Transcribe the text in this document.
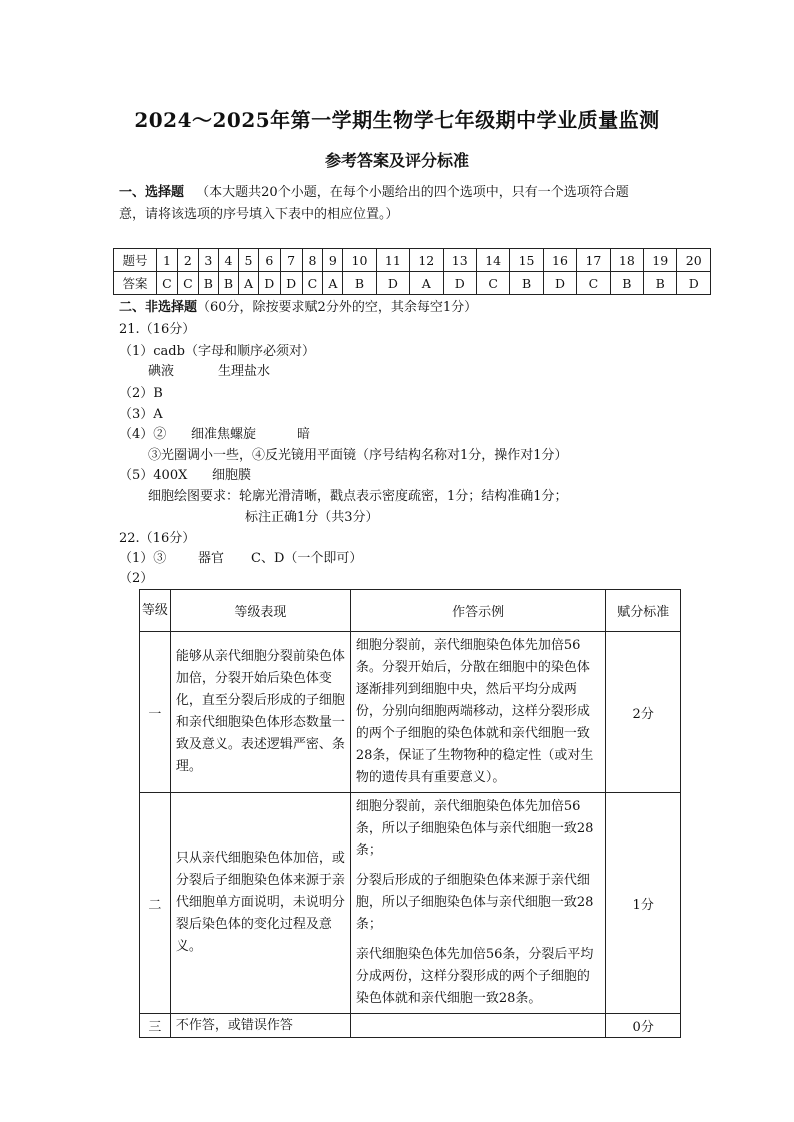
2024～2025年第一学期生物学七年级期中学业质量监测
参考答案及评分标准
一、选择题 （本大题共20个小题，在每个小题给出的四个选项中，只有一个选项符合题
意，请将该选项的序号填入下表中的相应位置。）
题号	1	2	3	4	5	6	7	8	9	10	11	12	13	14	15	16	17	18	19	20
答案	C	C	B	B	A	D	D	C	A	B	D	A	D	C	B	D	C	B	B	D
二、非选择题（60分，除按要求赋2分外的空，其余每空1分）
21.（16分）
（1）cadb（字母和顺序必须对）
碘液	生理盐水
（2）B
（3）A
（4）② 细准焦螺旋	暗
③光圈调小一些，④反光镜用平面镜（序号结构名称对1分，操作对1分）
（5）400X 细胞膜
细胞绘图要求：轮廓光滑清晰，戳点表示密度疏密，1分；结构准确1分；
标注正确1分（共3分）
22.（16分）
（1）③ 器官 C、D（一个即可）
（2）
等级	等级表现	作答示例	赋分标准
一	能够从亲代细胞分裂前染色体加倍，分裂开始后染色体变化，直至分裂后形成的子细胞和亲代细胞染色体形态数量一致及意义。表述逻辑严密、条理。	细胞分裂前，亲代细胞染色体先加倍56条。分裂开始后，分散在细胞中的染色体逐渐排列到细胞中央，然后平均分成两份，分别向细胞两端移动，这样分裂形成的两个子细胞的染色体就和亲代细胞一致28条，保证了生物物种的稳定性（或对生物的遗传具有重要意义）。	2分
二	只从亲代细胞染色体加倍，或分裂后子细胞染色体来源于亲代细胞单方面说明，未说明分裂后染色体的变化过程及意义。	细胞分裂前，亲代细胞染色体先加倍56条，所以子细胞染色体与亲代细胞一致28条；
分裂后形成的子细胞染色体来源于亲代细胞，所以子细胞染色体与亲代细胞一致28条；
亲代细胞染色体先加倍56条，分裂后平均分成两份，这样分裂形成的两个子细胞的染色体就和亲代细胞一致28条。	1分
三	不作答，或错误作答		0分
